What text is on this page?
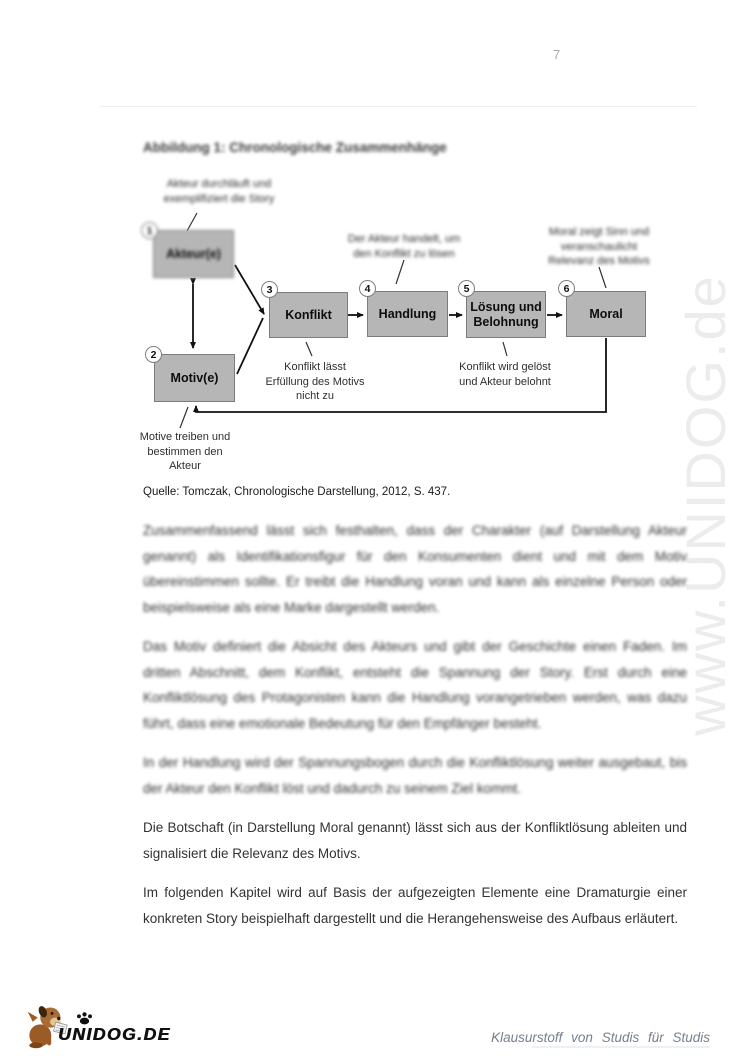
7
www.UNIDOG.de
Abbildung 1: Chronologische Zusammenhänge
Akteur(e)
Motiv(e)
Konflikt	Handlung	Lösung und Belohnung
Moral
1
2
3	4	5	6
Akteur durchläuft und exemplifiziert die Story
Der Akteur handelt, um den Konflikt zu lösen
Moral zeigt Sinn und veranschaulicht Relevanz des Motivs
Konflikt lässt Erfüllung des Motivs nicht zu
Konflikt wird gelöst und Akteur belohnt
Motive treiben und bestimmen den Akteur
Quelle: Tomczak, Chronologische Darstellung, 2012, S. 437.

Zusammenfassend lässt sich festhalten, dass der Charakter (auf Darstellung Akteur genannt) als Identifikationsfigur für den Konsumenten dient und mit dem Motiv übereinstimmen sollte. Er treibt die Handlung voran und kann als einzelne Person oder beispielsweise als eine Marke dargestellt werden.

Das Motiv definiert die Absicht des Akteurs und gibt der Geschichte einen Faden. Im dritten Abschnitt, dem Konflikt, entsteht die Spannung der Story. Erst durch eine Konfliktlösung des Protagonisten kann die Handlung vorangetrieben werden, was dazu führt, dass eine emotionale Bedeutung für den Empfänger besteht.

In der Handlung wird der Spannungsbogen durch die Konfliktlösung weiter ausgebaut, bis der Akteur den Konflikt löst und dadurch zu seinem Ziel kommt.

Die Botschaft (in Darstellung Moral genannt) lässt sich aus der Konfliktlösung ableiten und signalisiert die Relevanz des Motivs.

Im folgenden Kapitel wird auf Basis der aufgezeigten Elemente eine Dramaturgie einer konkreten Story beispielhaft dargestellt und die Herangehensweise des Aufbaus erläutert.

UNIDOG.DE	Klausurstoff von Studis für Studis
